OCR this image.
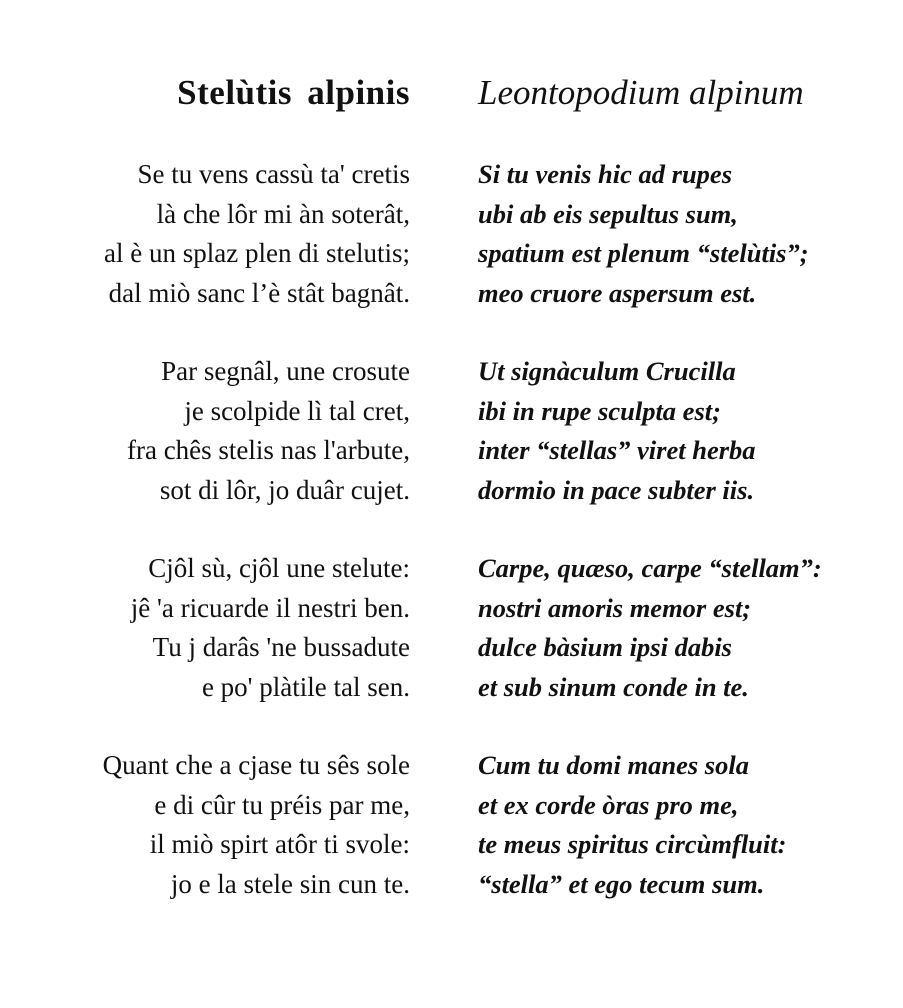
Stelùtis alpinis
Se tu vens cassù ta' cretis
là che lôr mi àn soterât,
al è un splaz plen di stelutis;
dal miò sanc l’è stât bagnât.
Par segnâl, une crosute
je scolpide lì tal cret,
fra chês stelis nas l'arbute,
sot di lôr, jo duâr cujet.
Cjôl sù, cjôl une stelute:
jê 'a ricuarde il nestri ben.
Tu j darâs 'ne bussadute
e po' plàtile tal sen.
Quant che a cjase tu sês sole
e di cûr tu préis par me,
il miò spirt atôr ti svole:
jo e la stele sin cun te.
Leontopodium alpinum
Si tu venis hic ad rupes
ubi ab eis sepultus sum,
spatium est plenum “stelùtis”;
meo cruore aspersum est.
Ut signàculum Crucilla
ibi in rupe sculpta est;
inter “stellas” viret herba
dormio in pace subter iis.
Carpe, quæso, carpe “stellam”:
nostri amoris memor est;
dulce bàsium ipsi dabis
et sub sinum conde in te.
Cum tu domi manes sola
et ex corde òras pro me,
te meus spiritus circùmfluit:
“stella” et ego tecum sum.
